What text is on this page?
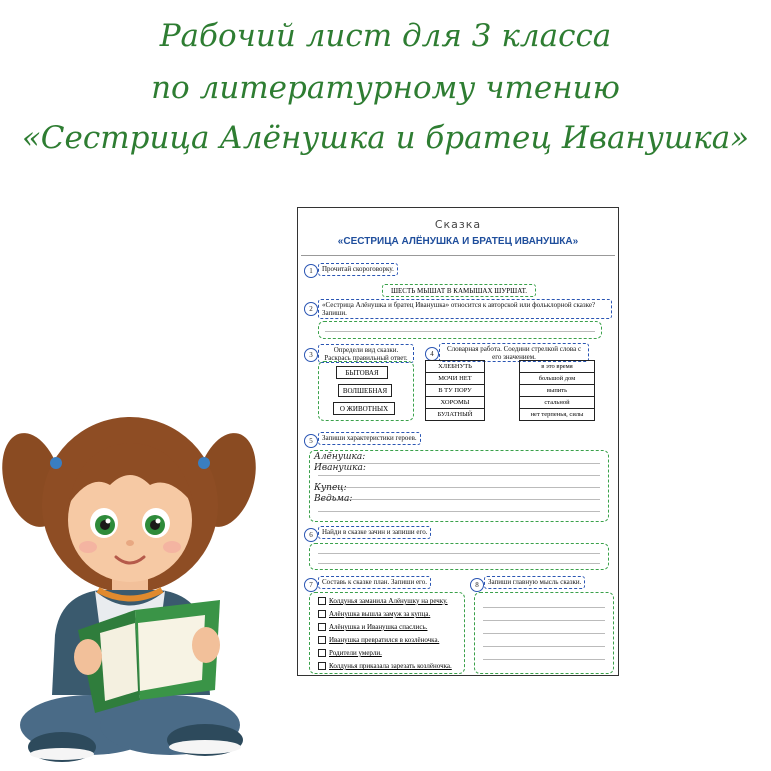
Рабочий лист для 3 класса
по литературному чтению
«Сестрица Алёнушка и братец Иванушка»
Сказка
«СЕСТРИЦА АЛЁНУШКА И БРАТЕЦ ИВАНУШКА»
1	Прочитай скороговорку.
ШЕСТЬ МЫШАТ В КАМЫШАХ ШУРШАТ.
2	«Сестрица Алёнушка и братец Иванушка» относится к авторской или фольклорной сказке?
Запиши.
3
Определи вид сказки.
Раскрась правильный ответ.
БЫТОВАЯ
ВОЛШЕБНАЯ
О ЖИВОТНЫХ
4
Словарная работа. Соедини стрелкой слова с
его значением.
ХЛЕБНУТЬ		в это время
МОЧИ НЕТ		большой дом
В ТУ ПОРУ		выпить
ХОРОМЫ		стальной
БУЛАТНЫЙ		нет терпенья, силы
5	Запиши характеристики героев.
Алёнушка:
Иванушка:
Купец:
Ведьма:
6	Найди в сказке зачин и запиши его.
7	Составь к сказке план. Запиши его.
Колдунья заманила Алёнушку на речку.
Алёнушка вышла замуж за купца.
Алёнушка и Иванушка спаслись.
Иванушка превратился в козлёночка.
Родители умерли.
Колдунья приказала зарезать козлёночка.
8	Запиши главную мысль сказки.
